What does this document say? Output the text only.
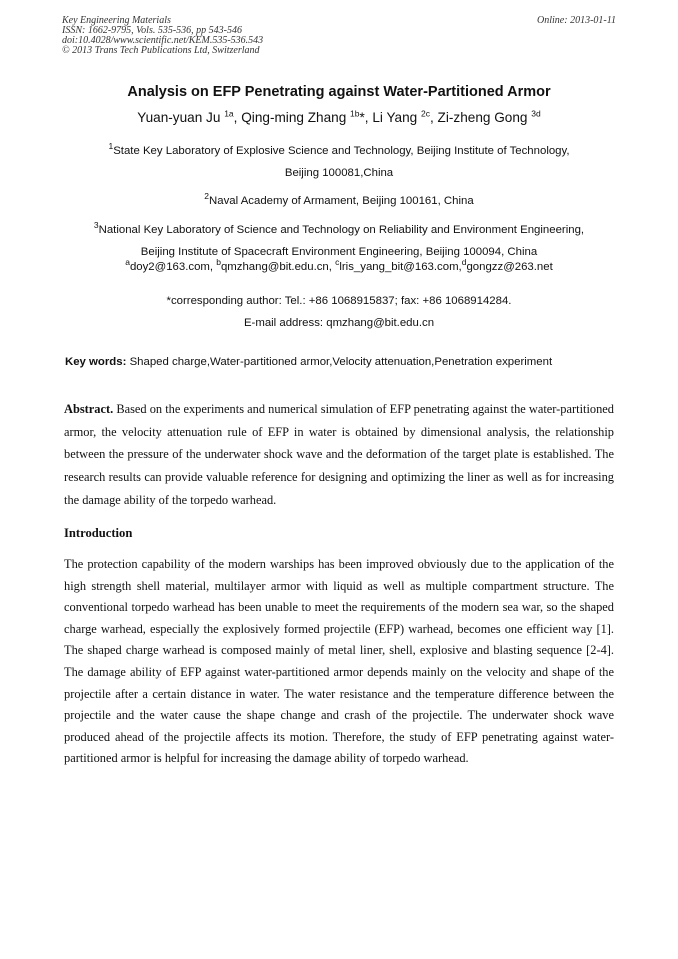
Key Engineering Materials	Online: 2013-01-11
ISSN: 1662-9795, Vols. 535-536, pp 543-546
doi:10.4028/www.scientific.net/KEM.535-536.543
© 2013 Trans Tech Publications Ltd, Switzerland
Analysis on EFP Penetrating against Water-Partitioned Armor
Yuan-yuan Ju $^{1a}$, Qing-ming Zhang $^{1b}$*, Li Yang $^{2c}$, Zi-zheng Gong $^{3d}$
$^1$State Key Laboratory of Explosive Science and Technology, Beijing Institute of Technology,
Beijing 100081,China
$^2$Naval Academy of Armament, Beijing 100161, China
$^3$National Key Laboratory of Science and Technology on Reliability and Environment Engineering,
Beijing Institute of Spacecraft Environment Engineering, Beijing 100094, China
$^a$doy2@163.com, $^b$qmzhang@bit.edu.cn, $^c$lris_yang_bit@163.com,$^d$gongzz@263.net
*corresponding author: Tel.: +86 1068915837; fax: +86 1068914284.
E-mail address: qmzhang@bit.edu.cn
Key words: Shaped charge,Water-partitioned armor,Velocity attenuation,Penetration experiment
Abstract. Based on the experiments and numerical simulation of EFP penetrating against the water-partitioned armor, the velocity attenuation rule of EFP in water is obtained by dimensional analysis, the relationship between the pressure of the underwater shock wave and the deformation of the target plate is established. The research results can provide valuable reference for designing and optimizing the liner as well as for increasing the damage ability of the torpedo warhead.
Introduction
The protection capability of the modern warships has been improved obviously due to the application of the high strength shell material, multilayer armor with liquid as well as multiple compartment structure. The conventional torpedo warhead has been unable to meet the requirements of the modern sea war, so the shaped charge warhead, especially the explosively formed projectile (EFP) warhead, becomes one efficient way [1]. The shaped charge warhead is composed mainly of metal liner, shell, explosive and blasting sequence [2-4]. The damage ability of EFP against water-partitioned armor depends mainly on the velocity and shape of the projectile after a certain distance in water. The water resistance and the temperature difference between the projectile and the water cause the shape change and crash of the projectile. The underwater shock wave produced ahead of the projectile affects its motion. Therefore, the study of EFP penetrating against water-partitioned armor is helpful for increasing the damage ability of torpedo warhead.
